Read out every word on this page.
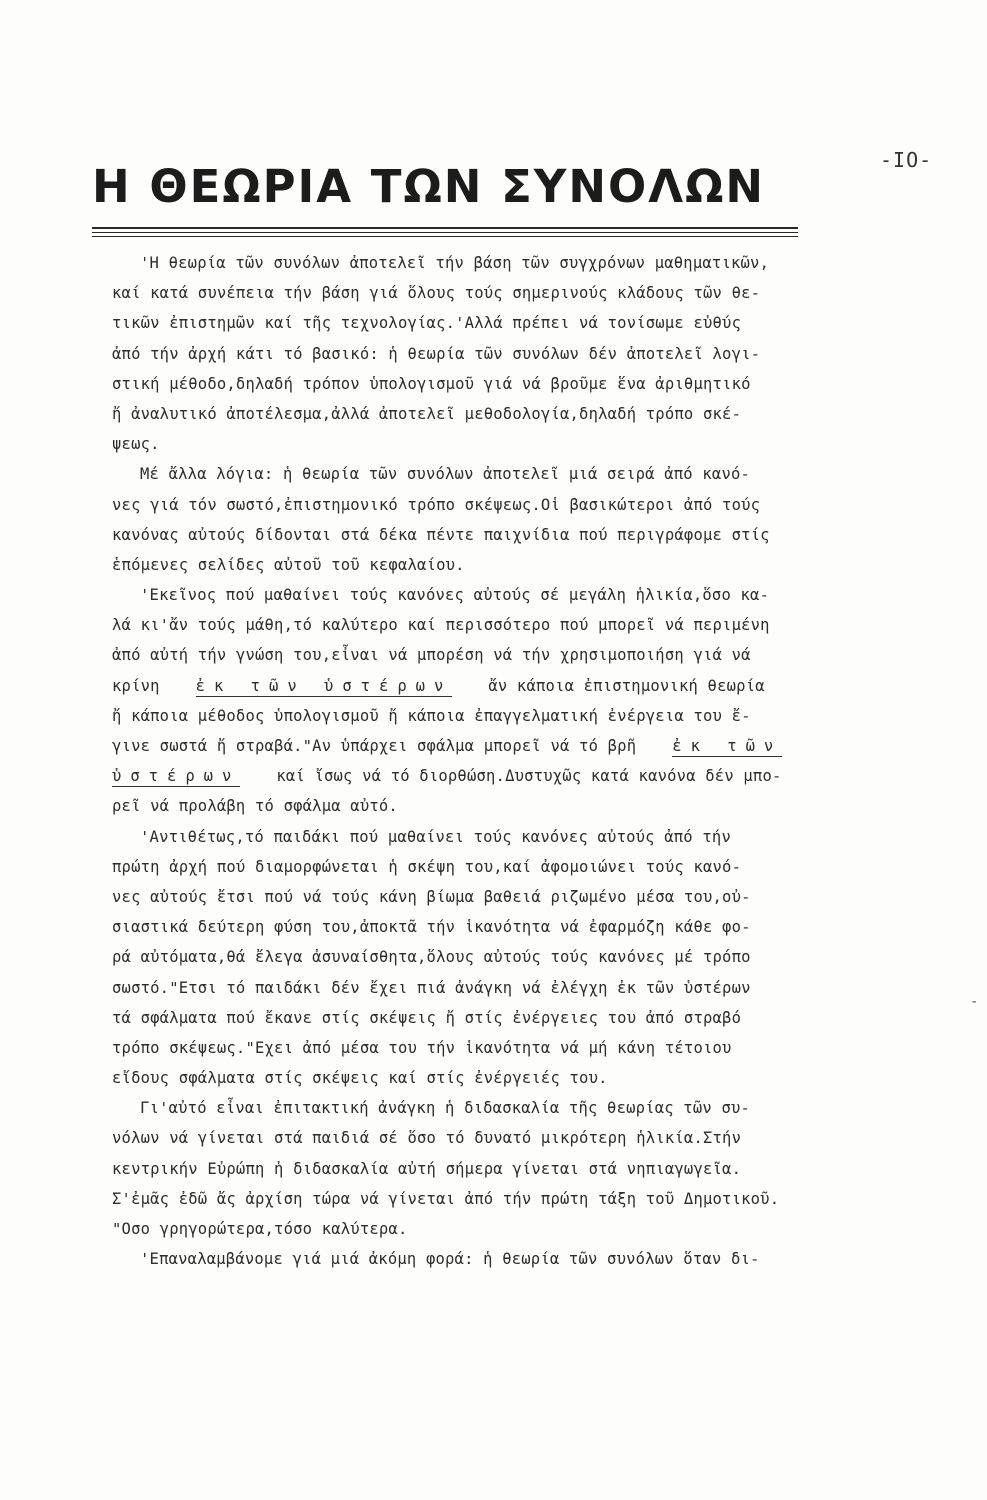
-IO-
Η ΘΕΩΡΙΑ ΤΩΝ ΣΥΝΟΛΩΝ
'Η θεωρία τῶν συνόλων ἀποτελεῖ τήν βάση τῶν συγχρόνων μαθηματικῶν,
καί κατά συνέπεια τήν βάση γιά ὅλους τούς σημερινούς κλάδους τῶν θε-
τικῶν ἐπιστημῶν καί τῆς τεχνολογίας.'Αλλά πρέπει νά τονίσωμε εὐθύς
ἀπό τήν ἀρχή κάτι τό βασικό: ἡ θεωρία τῶν συνόλων δέν ἀποτελεῖ λογι-
στική μέθοδο,δηλαδή τρόπον ὑπολογισμοῦ γιά νά βροῦμε ἕνα ἀριθμητικό
ἤ ἀναλυτικό ἀποτέλεσμα,ἀλλά ἀποτελεῖ μεθοδολογία,δηλαδή τρόπο σκέ-
ψεως.
Μέ ἄλλα λόγια: ἡ θεωρία τῶν συνόλων ἀποτελεῖ μιά σειρά ἀπό κανό-
νες γιά τόν σωστό,ἐπιστημονικό τρόπο σκέψεως.Οἱ βασικώτεροι ἀπό τούς
κανόνας αὐτούς δίδονται στά δέκα πέντε παιχνίδια πού περιγράφομε στίς
ἑπόμενες σελίδες αὐτοῦ τοῦ κεφαλαίου.
'Εκεῖνος πού μαθαίνει τούς κανόνες αὐτούς σέ μεγάλη ἡλικία,ὅσο κα-
λά κι'ἄν τούς μάθη,τό καλύτερο καί περισσότερο πού μπορεῖ νά περιμένη
ἀπό αὐτή τήν γνώση του,εἶναι νά μπορέση νά τήν χρησιμοποιήση γιά νά
κρίνη ἐκ τῶν ὑστέρων ἄν κάποια ἐπιστημονική θεωρία
ἤ κάποια μέθοδος ὑπολογισμοῦ ἤ κάποια ἐπαγγελματική ἐνέργεια του ἔ-
γινε σωστά ἤ στραβά."Αν ὑπάρχει σφάλμα μπορεῖ νά τό βρῆ ἐκ τῶν
ὑστέρων καί ἴσως νά τό διορθώση.Δυστυχῶς κατά κανόνα δέν μπο-
ρεῖ νά προλάβη τό σφάλμα αὐτό.
'Αντιθέτως,τό παιδάκι πού μαθαίνει τούς κανόνες αὐτούς ἀπό τήν
πρώτη ἀρχή πού διαμορφώνεται ἡ σκέψη του,καί ἀφομοιώνει τούς κανό-
νες αὐτούς ἔτσι πού νά τούς κάνη βίωμα βαθειά ριζωμένο μέσα του,οὐ-
σιαστικά δεύτερη φύση του,ἀποκτᾶ τήν ἱκανότητα νά ἐφαρμόζη κάθε φο-
ρά αὐτόματα,θά ἔλεγα ἀσυναίσθητα,ὅλους αὐτούς τούς κανόνες μέ τρόπο
σωστό."Ετσι τό παιδάκι δέν ἔχει πιά ἀνάγκη νά ἐλέγχη ἐκ τῶν ὑστέρων
τά σφάλματα πού ἔκανε στίς σκέψεις ἤ στίς ἐνέργειες του ἀπό στραβό
τρόπο σκέψεως."Εχει ἀπό μέσα του τήν ἱκανότητα νά μή κάνη τέτοιου
εἴδους σφάλματα στίς σκέψεις καί στίς ἐνέργειές του.
Γι'αὐτό εἶναι ἐπιτακτική ἀνάγκη ἡ διδασκαλία τῆς θεωρίας τῶν συ-
νόλων νά γίνεται στά παιδιά σέ ὅσο τό δυνατό μικρότερη ἡλικία.Στήν
κεντρικήν Εὐρώπη ἡ διδασκαλία αὐτή σήμερα γίνεται στά νηπιαγωγεῖα.
Σ'ἐμᾶς ἐδῶ ἄς ἀρχίση τώρα νά γίνεται ἀπό τήν πρώτη τάξη τοῦ Δημοτικοῦ.
"Οσο γρηγορώτερα,τόσο καλύτερα.
'Επαναλαμβάνομε γιά μιά ἀκόμη φορά: ἡ θεωρία τῶν συνόλων ὅταν δι-
-
